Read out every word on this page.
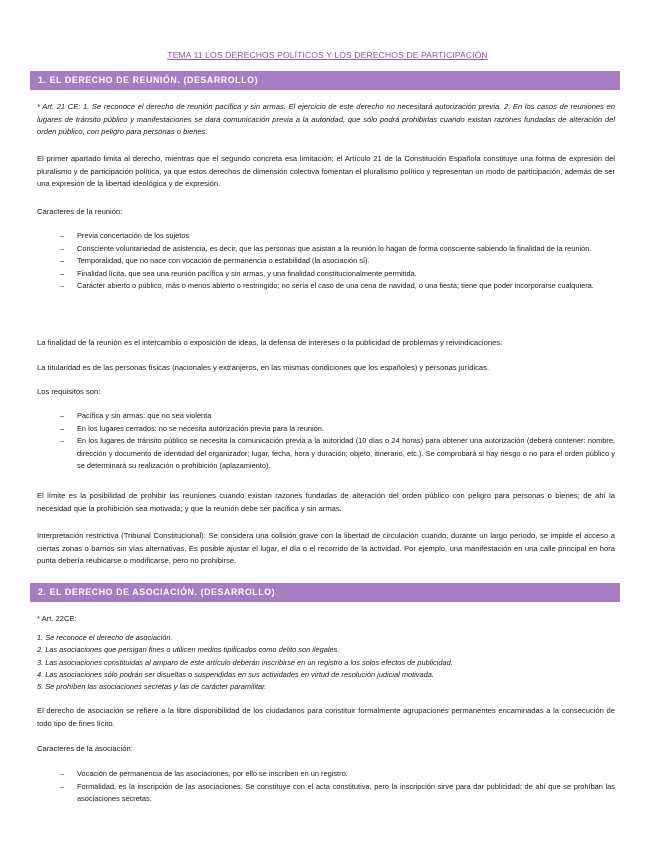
TEMA 11 LOS DERECHOS POLÍTICOS Y LOS DERECHOS DE PARTICIPACIÓN
1. EL DERECHO DE REUNIÓN. (DESARROLLO)
* Art. 21 CE: 1. Se reconoce el derecho de reunión pacífica y sin armas. El ejercicio de este derecho no necesitará autorización previa. 2. En los casos de reuniones en lugares de tránsito público y manifestaciones se dará comunicación previa a la autoridad, que sólo podrá prohibirlas cuando existan razones fundadas de alteración del orden público, con peligro para personas o bienes.
El primer apartado limita al derecho, mientras que el segundo concreta esa limitación; el Artículo 21 de la Constitución Española constituye una forma de expresión del pluralismo y de participación política, ya que estos derechos de dimensión colectiva fomentan el pluralismo político y representan un modo de participación, además de ser una expresión de la libertad ideológica y de expresión.
Caracteres de la reunión:
– Previa concertación de los sujetos
– Consciente voluntariedad de asistencia, es decir, que las personas que asistan a la reunión lo hagan de forma consciente sabiendo la finalidad de la reunión.
– Temporalidad, que no nace con vocación de permanencia o estabilidad (la asociación sí).
– Finalidad lícita, que sea una reunión pacífica y sin armas, y una finalidad constitucionalmente permitida.
– Carácter abierto o público, más o menos abierto o restringido; no sería el caso de una cena de navidad, o una fiesta; tiene que poder incorporarse cualquiera.
La finalidad de la reunión es el intercambio o exposición de ideas, la defensa de intereses o la publicidad de problemas y reivindicaciones.
La titularidad es de las personas físicas (nacionales y extranjeros, en las mismas condiciones que los españoles) y personas jurídicas.
Los requisitos son:
– Pacífica y sin armas: que no sea violenta
– En los lugares cerrados: no se necesita autorización previa para la reunión.
– En los lugares de tránsito público se necesita la comunicación previa a la autoridad (10 días o 24 horas) para obtener una autorización (deberá contener: nombre, dirección y documento de identidad del organizador; lugar, fecha, hora y duración; objeto, itinerario, etc.). Se comprobará si hay riesgo o no para el orden público y se determinará su realización o prohibición (aplazamiento).
El límite es la posibilidad de prohibir las reuniones cuando existan razones fundadas de alteración del orden público con peligro para personas o bienes; de ahí la necesidad que la prohibición sea motivada; y que la reunión debe ser pacífica y sin armas.
Interpretación restrictiva (Tribunal Constitucional): Se considera una colisión grave con la libertad de circulación cuando, durante un largo periodo, se impide el acceso a ciertas zonas o barrios sin vías alternativas. Es posible ajustar el lugar, el día o el recorrido de la actividad. Por ejemplo, una manifestación en una calle principal en hora punta debería reubicarse o modificarse, pero no prohibirse.
2. EL DERECHO DE ASOCIACIÓN. (DESARROLLO)
* Art. 22CE:
1. Se reconoce el derecho de asociación.
2. Las asociaciones que persigan fines o utilicen medios tipificados como delito son ilegales.
3. Las asociaciones constituidas al amparo de este artículo deberán inscribirse en un registro a los solos efectos de publicidad.
4. Las asociaciones sólo podrán ser disueltas o suspendidas en sus actividades en virtud de resolución judicial motivada.
5. Se prohíben las asociaciones secretas y las de carácter paramilitar.
El derecho de asociación se refiere a la libre disponibilidad de los ciudadanos para constituir formalmente agrupaciones permanentes encaminadas a la consecución de todo tipo de fines lícito.
Caracteres de la asociación:
– Vocación de permanencia de las asociaciones, por ello se inscriben en un registro.
– Formalidad, es la inscripción de las asociaciones. Se constituye con el acta constitutiva, pero la inscripción sirve para dar publicidad; de ahí que se prohíban las asociaciones secretas.
